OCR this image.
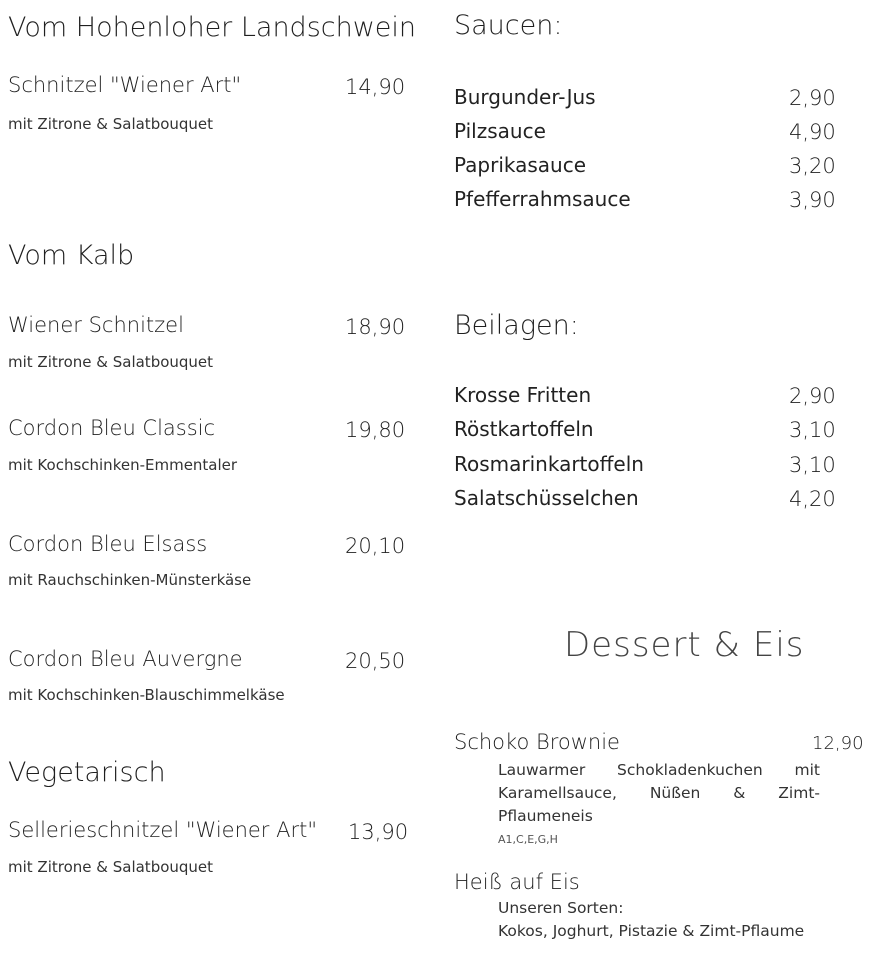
Vom Hohenloher Landschwein
Schnitzel "Wiener Art"	14,90
mit Zitrone & Salatbouquet
Vom Kalb
Wiener Schnitzel	18,90
mit Zitrone & Salatbouquet
Cordon Bleu Classic	19,80
mit Kochschinken-Emmentaler
Cordon Bleu Elsass	20,10
mit Rauchschinken-Münsterkäse
Cordon Bleu Auvergne	20,50
mit Kochschinken-Blauschimmelkäse
Vegetarisch
Sellerieschnitzel "Wiener Art" 13,90
mit Zitrone & Salatbouquet
Saucen:
Burgunder-Jus	2,90
Pilzsauce	4,90
Paprikasauce	3,20
Pfefferrahmsauce	3,90
Beilagen:
Krosse Fritten	2,90
Röstkartoffeln	3,10
Rosmarinkartoffeln	3,10
Salatschüsselchen	4,20
Dessert & Eis
Schoko Brownie	12,90
Lauwarmer Schokladenkuchen mit Karamellsauce, Nüßen & Zimt-Pflaumeneis
A1,C,E,G,H
Heiß auf Eis
Unseren Sorten:
Kokos, Joghurt, Pistazie & Zimt-Pflaume
